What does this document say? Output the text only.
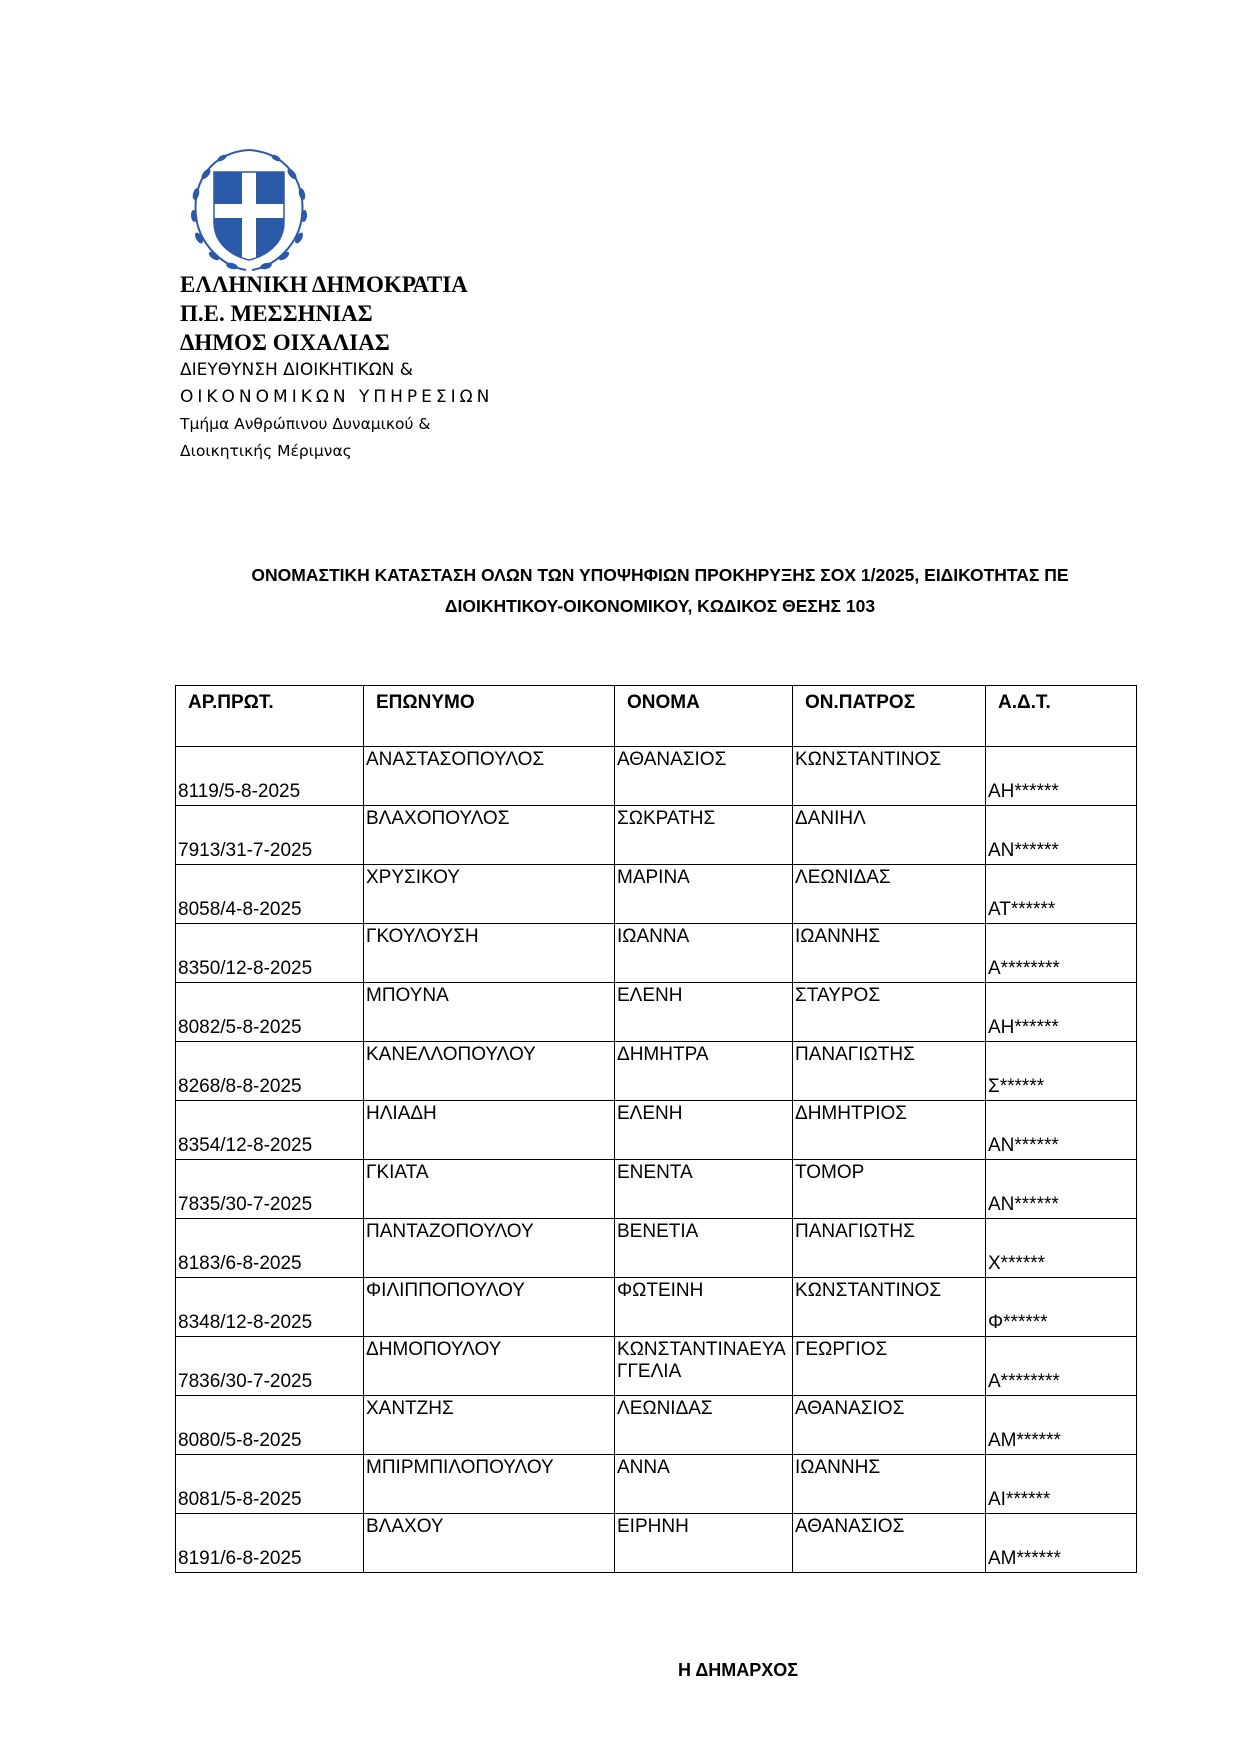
ΕΛΛΗΝΙΚΗ ΔΗΜΟΚΡΑΤΙΑ

Π.Ε. ΜΕΣΣΗΝΙΑΣ

ΔΗΜΟΣ ΟΙΧΑΛΙΑΣ

ΔΙΕΥΘΥΝΣΗ ΔΙΟΙΚΗΤΙΚΩΝ &

ΟΙΚΟΝΟΜΙΚΩΝ ΥΠΗΡΕΣΙΩΝ

Τμήμα Ανθρώπινου Δυναμικού &

Διοικητικής Μέριμνας

ΟΝΟΜΑΣΤΙΚΗ ΚΑΤΑΣΤΑΣΗ ΟΛΩΝ ΤΩΝ ΥΠΟΨΗΦΙΩΝ ΠΡΟΚΗΡΥΞΗΣ ΣΟΧ 1/2025, ΕΙΔΙΚΟΤΗΤΑΣ ΠΕ
ΔΙΟΙΚΗΤΙΚΟΥ-ΟΙΚΟΝΟΜΙΚΟΥ, ΚΩΔΙΚΟΣ ΘΕΣΗΣ 103
ΑΡ.ΠΡΩΤ.	ΕΠΩΝΥΜΟ	ΟΝΟΜΑ	ΟΝ.ΠΑΤΡΟΣ	Α.Δ.Τ.
8119/5-8-2025	ΑΝΑΣΤΑΣΟΠΟΥΛΟΣ	ΑΘΑΝΑΣΙΟΣ	ΚΩΝΣΤΑΝΤΙΝΟΣ	ΑΗ******
7913/31-7-2025	ΒΛΑΧΟΠΟΥΛΟΣ	ΣΩΚΡΑΤΗΣ	ΔΑΝΙΗΛ	ΑΝ******
8058/4-8-2025	ΧΡΥΣΙΚΟΥ	ΜΑΡΙΝΑ	ΛΕΩΝΙΔΑΣ	ΑΤ******
8350/12-8-2025	ΓΚΟΥΛΟΥΣΗ	ΙΩΑΝΝΑ	ΙΩΑΝΝΗΣ	Α********
8082/5-8-2025	ΜΠΟΥΝΑ	ΕΛΕΝΗ	ΣΤΑΥΡΟΣ	ΑΗ******
8268/8-8-2025	ΚΑΝΕΛΛΟΠΟΥΛΟΥ	ΔΗΜΗΤΡΑ	ΠΑΝΑΓΙΩΤΗΣ	Σ******
8354/12-8-2025	ΗΛΙΑΔΗ	ΕΛΕΝΗ	ΔΗΜΗΤΡΙΟΣ	ΑΝ******
7835/30-7-2025	ΓΚΙΑΤΑ	ΕΝΕΝΤΑ	ΤΟΜΟΡ	ΑΝ******
8183/6-8-2025	ΠΑΝΤΑΖΟΠΟΥΛΟΥ	ΒΕΝΕΤΙΑ	ΠΑΝΑΓΙΩΤΗΣ	Χ******
8348/12-8-2025	ΦΙΛΙΠΠΟΠΟΥΛΟΥ	ΦΩΤΕΙΝΗ	ΚΩΝΣΤΑΝΤΙΝΟΣ	Φ******
7836/30-7-2025	ΔΗΜΟΠΟΥΛΟΥ	ΚΩΝΣΤΑΝΤΙΝΑΕΥΑΓΓΕΛΙΑ	ΓΕΩΡΓΙΟΣ	Α********
8080/5-8-2025	ΧΑΝΤΖΗΣ	ΛΕΩΝΙΔΑΣ	ΑΘΑΝΑΣΙΟΣ	ΑΜ******
8081/5-8-2025	ΜΠΙΡΜΠΙΛΟΠΟΥΛΟΥ	ΑΝΝΑ	ΙΩΑΝΝΗΣ	ΑΙ******
8191/6-8-2025	ΒΛΑΧΟΥ	ΕΙΡΗΝΗ	ΑΘΑΝΑΣΙΟΣ	ΑΜ******
Η ΔΗΜΑΡΧΟΣ
